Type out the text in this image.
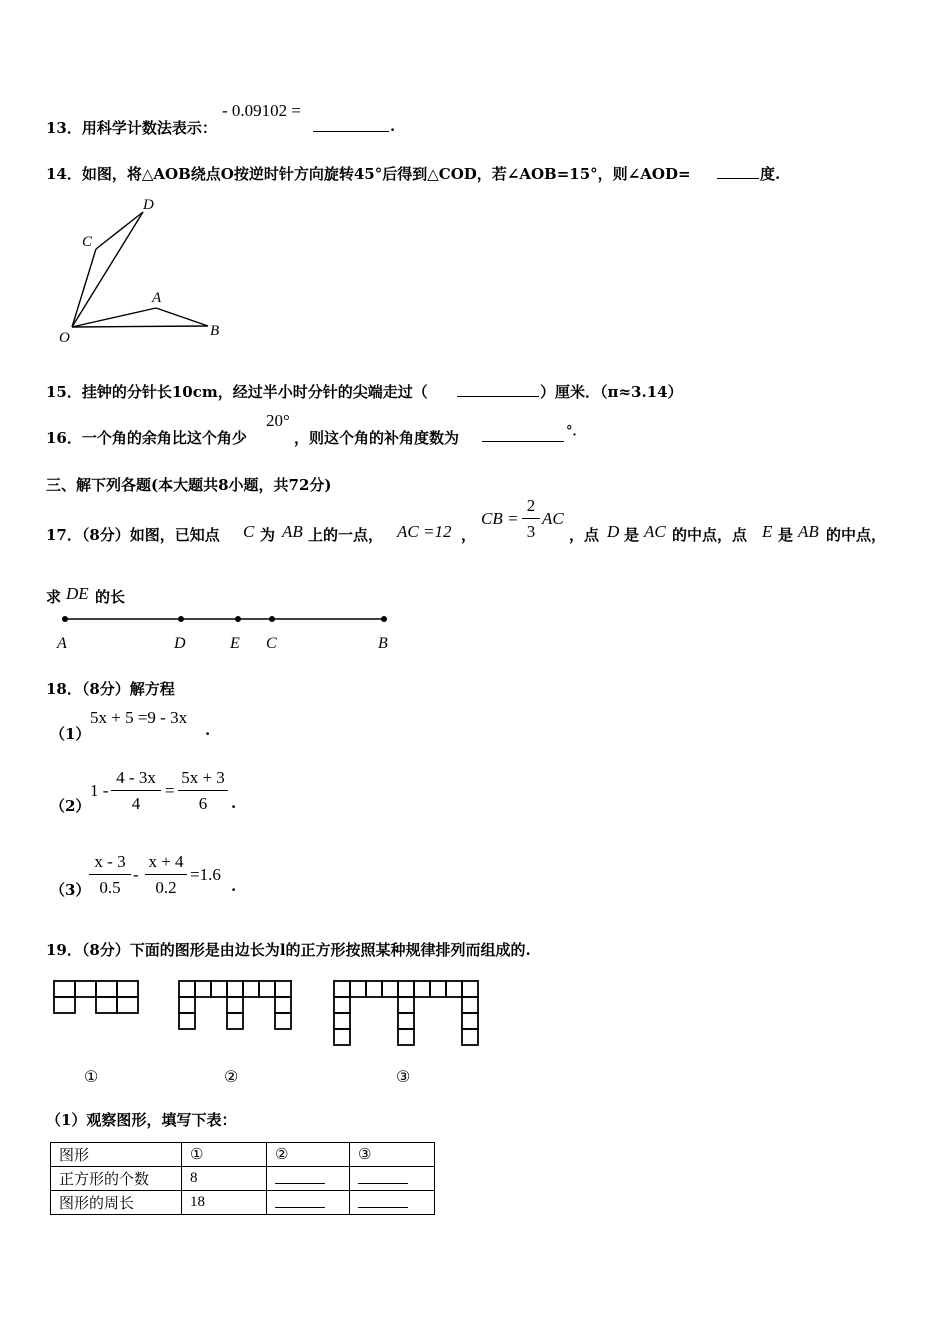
13．用科学计数法表示：
- 0.09102 =
.
14．如图，将△AOB绕点O按逆时针方向旋转45°后得到△COD，若∠AOB=15°，则∠AOD=	度.
D
C
A
O	B
15．挂钟的分针长10cm，经过半小时分针的尖端走过（	）厘米．（π≈3.14）
16．一个角的余角比这个角少
20°
，则这个角的补角度数为	°．
三、解下列各题(本大题共8小题，共72分)
17．（8分）如图，已知点 C 为 AB 上的一点， AC =12 ，
CB = $\frac{2}{3}$ AC
，点 D 是 AC 的中点，点 E 是 AB 的中点，
求 DE 的长
A	D	E C	B
18．（8分）解方程
（1）
5x + 5 =9 - 3x
.
（2）
$1 - \frac{4 - 3x}{4} = \frac{5x + 3}{6}$ .
（3）
$\frac{x - 3}{0.5} - \frac{x + 4}{0.2} =1.6$
.
19．（8分）下面的图形是由边长为l的正方形按照某种规律排列而组成的.
①	②	③
（1）观察图形，填写下表：
图形	①	②	③
正方形的个数	8		
图形的周长	18		
